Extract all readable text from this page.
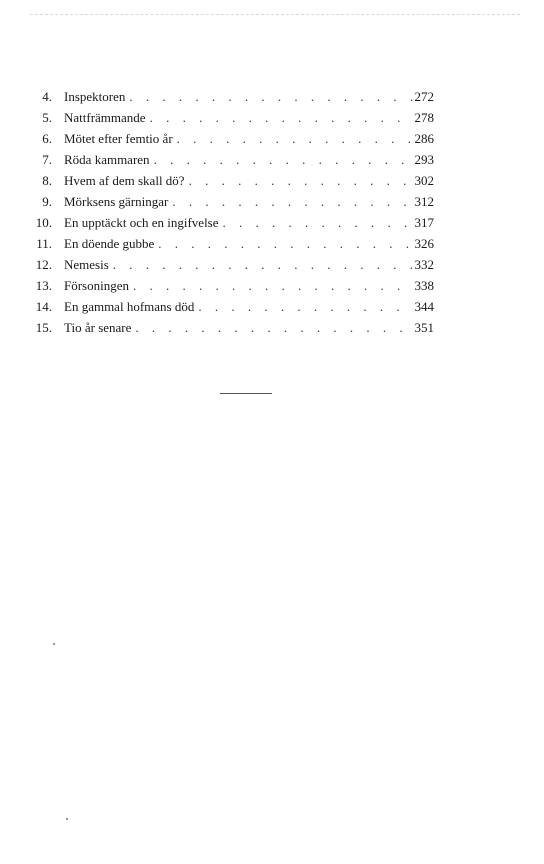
4. Inspektoren . . .	272
5. Nattfrämmande . . .	278
6. Mötet efter femtio år . . .	286
7. Röda kammaren . . .	293
8. Hvem af dem skall dö? . . .	302
9. Mörksens gärningar . . .	312
10. En upptäckt och en ingifvelse . . .	317
11. En döende gubbe . . .	326
12. Nemesis . . .	332
13. Försoningen . . .	338
14. En gammal hofmans död . . .	344
15. Tio år senare . . .	351
